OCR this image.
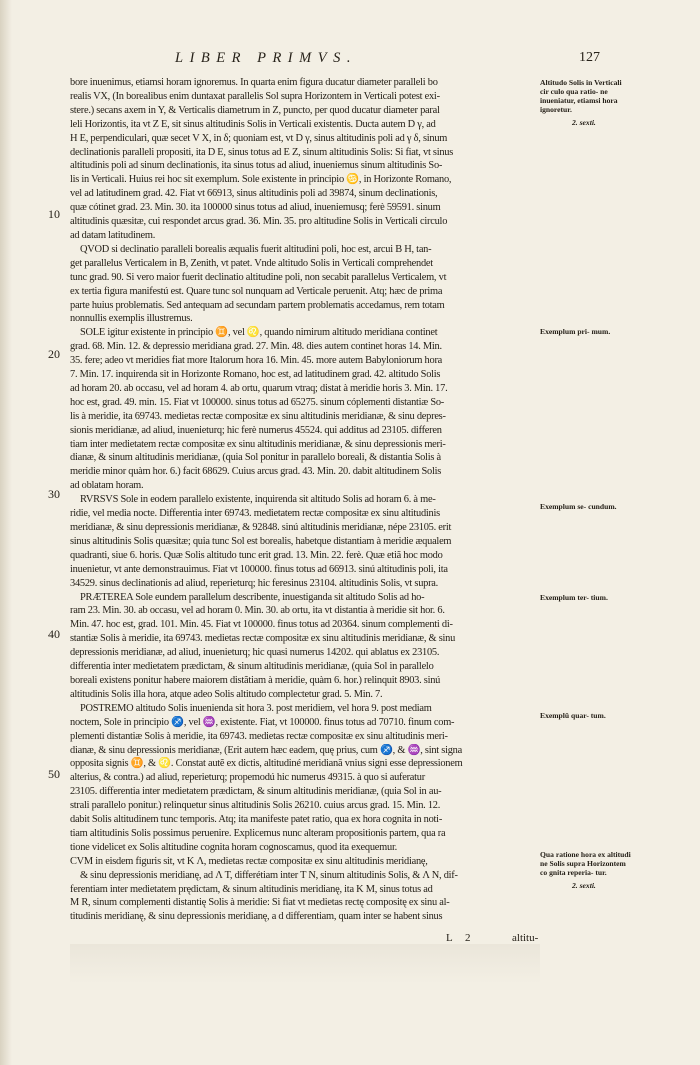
LIBER PRIMVS.	127
bore inuenimus, etiamsi horam ignoremus. In quarta enim figura ducatur diameter paralleli bo
realis VX, (In borealibus enim duntaxat parallelis Sol supra Horizontem in Verticali potest exi-
stere.) secans axem in Y, & Verticalis diametrum in Z, puncto, per quod ducatur diameter paral
leli Horizontis, ita vt Z E, sit sinus altitudinis Solis in Verticali existentis. Ducta autem D γ, ad
H E, perpendiculari, quæ secet V X, in δ; quoniam est, vt D γ, sinus altitudinis poli ad γ δ, sinum
declinationis paralleli propositi, ita D E, sinus totus ad E Z, sinum altitudinis Solis: Si fiat, vt sinus
altitudinis poli ad sinum declinationis, ita sinus totus ad aliud, inueniemus sinum altitudinis So-
lis in Verticali. Huius rei hoc sit exemplum. Sole existente in principio ♋, in Horizonte Romano,
vel ad latitudinem grad. 42. Fiat vt 66913, sinus altitudinis poli ad 39874, sinum declinationis,
quæ cótinet grad. 23. Min. 30. ita 100000 sinus totus ad aliud, inueniemusq; ferè 59591. sinum
altitudinis quæsitæ, cui respondet arcus grad. 36. Min. 35. pro altitudine Solis in Verticali circulo
ad datam latitudinem.
QVOD si declinatio paralleli borealis æqualis fuerit altitudini poli, hoc est, arcui B H, tan-
get parallelus Verticalem in B, Zenith, vt patet. Vnde altitudo Solis in Verticali comprehendet
tunc grad. 90. Si vero maior fuerit declinatio altitudine poli, non secabit parallelus Verticalem, vt
ex tertia figura manifestú est. Quare tunc sol nunquam ad Verticale peruenit. Atq; hæc de prima
parte huius problematis. Sed antequam ad secundam partem problematis accedamus, rem totam
nonnullis exemplis illustremus.
SOLE igitur existente in principio ♊, vel ♌, quando nimirum altitudo meridiana continet
grad. 68. Min. 12. & depressio meridiana grad. 27. Min. 48. dies autem continet horas 14. Min.
35. fere; adeo vt meridies fiat more Italorum hora 16. Min. 45. more autem Babyloniorum hora
7. Min. 17. inquirenda sit in Horizonte Romano, hoc est, ad latitudinem grad. 42. altitudo Solis
ad horam 20. ab occasu, vel ad horam 4. ab ortu, quarum vtraq; distat à meridie horis 3. Min. 17.
hoc est, grad. 49. min. 15. Fiat vt 100000. sinus totus ad 65275. sinum cóplementi distantiæ So-
lis à meridie, ita 69743. medietas rectæ compositæ ex sinu altitudinis meridianæ, & sinu depres-
sionis meridianæ, ad aliud, inuenieturq; hic ferè numerus 45524. qui additus ad 23105. differen
tiam inter medietatem rectæ compositæ ex sinu altitudinis meridianæ, & sinu depressionis meri-
dianæ, & sinum altitudinis meridianæ, (quia Sol ponitur in parallelo boreali, & distantia Solis à
meridie minor quàm hor. 6.) facit 68629. Cuius arcus grad. 43. Min. 20. dabit altitudinem Solis
ad oblatam horam.
RVRSVS Sole in eodem parallelo existente, inquirenda sit altitudo Solis ad horam 6. à me-
ridie, vel media nocte. Differentia inter 69743. medietatem rectæ compositæ ex sinu altitudinis
meridianæ, & sinu depressionis meridianæ, & 92848. sinú altitudinis meridianæ, népe 23105. erit
sinus altitudinis Solis quæsitæ; quia tunc Sol est borealis, habetque distantiam à meridie æqualem
quadranti, siue 6. horis. Quæ Solis altitudo tunc erit grad. 13. Min. 22. ferè. Quæ etiã hoc modo
inuenietur, vt ante demonstrauimus. Fiat vt 100000. finus totus ad 66913. sinú altitudinis poli, ita
34529. sinus declinationis ad aliud, reperieturq; hic feresinus 23104. altitudinis Solis, vt supra.
PRÆTEREA Sole eundem parallelum describente, inuestiganda sit altitudo Solis ad ho-
ram 23. Min. 30. ab occasu, vel ad horam 0. Min. 30. ab ortu, ita vt distantia à meridie sit hor. 6.
Min. 47. hoc est, grad. 101. Min. 45. Fiat vt 100000. finus totus ad 20364. sinum complementi di-
stantiæ Solis à meridie, ita 69743. medietas rectæ compositæ ex sinu altitudinis meridianæ, & sinu
depressionis meridianæ, ad aliud, inuenieturq; hic quasi numerus 14202. qui ablatus ex 23105.
differentia inter medietatem prædictam, & sinum altitudinis meridianæ, (quia Sol in parallelo
boreali existens ponitur habere maiorem distãtiam à meridie, quàm 6. hor.) relinquit 8903. sinú
altitudinis Solis illa hora, atque adeo Solis altitudo complectetur grad. 5. Min. 7.
POSTREMO altitudo Solis inuenienda sit hora 3. post meridiem, vel hora 9. post mediam
noctem, Sole in principio ♐, vel ♒, existente. Fiat, vt 100000. finus totus ad 70710. finum com-
plementi distantiæ Solis à meridie, ita 69743. medietas rectæ compositæ ex sinu altitudinis meri-
dianæ, & sinu depressionis meridianæ, (Erit autem hæc eadem, quę prius, cum ♐, & ♒, sint signa
opposita signis ♊, & ♌. Constat autẽ ex dictis, altitudiné meridianã vnius signi esse depressionem
alterius, & contra.) ad aliud, reperieturq; propemodú hic numerus 49315. à quo si auferatur
23105. differentia inter medietatem prædictam, & sinum altitudinis meridianæ, (quia Sol in au-
strali parallelo ponitur.) relinquetur sinus altitudinis Solis 26210. cuius arcus grad. 15. Min. 12.
dabit Solis altitudinem tunc temporis. Atq; ita manifeste patet ratio, qua ex hora cognita in noti-
tiam altitudinis Solis possimus peruenire. Explicemus nunc alteram propositionis partem, qua ra
tione videlicet ex Solis altitudine cognita horam cognoscamus, quod ita exequemur.
CVM in eisdem figuris sit, vt K Λ, medietas rectæ compositæ ex sinu altitudinis meridianę,
& sinu depressionis meridianę, ad Λ T, differétiam inter T N, sinum altitudinis Solis, & Λ N, dif-
ferentiam inter medietatem prędictam, & sinum altitudinis meridianę, ita K M, sinus totus ad
M R, sinum complementi distantię Solis à meridie: Si fiat vt medietas rectę compositę ex sinu al-
titudinis meridianę, & sinu depressionis meridianę, a d differentiam, quam inter se habent sinus
10
20
30
40
50
Altitudo Solis in Verticali cir culo qua ratio- ne inueniatur, etiamsi hora ignoretur.
2. sexti.
Exemplum pri- mum.
Exemplum se- cundum.
Exemplum ter- tium.
Exemplũ quar- tum.
Qua ratione hora ex altitudi ne Solis supra Horizontem co gnita reperia- tur.
2. sexti.
L 2	altitu-
